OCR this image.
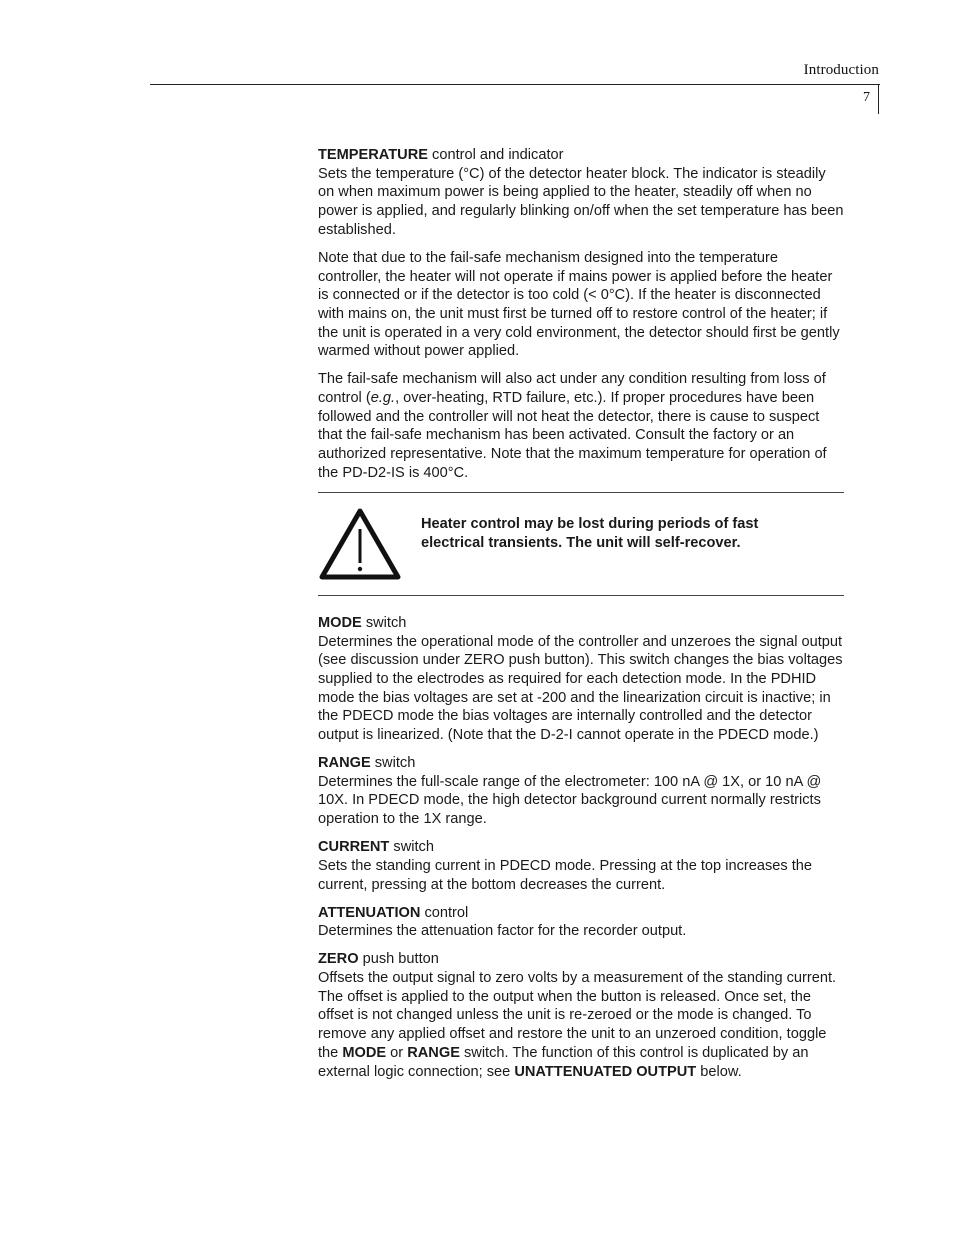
Introduction
7
TEMPERATURE control and indicator
Sets the temperature (°C) of the detector heater block. The indicator is steadily on when maximum power is being applied to the heater, steadily off when no power is applied, and regularly blinking on/off when the set temperature has been established.

Note that due to the fail-safe mechanism designed into the temperature controller, the heater will not operate if mains power is applied before the heater is connected or if the detector is too cold (< 0°C). If the heater is disconnected with mains on, the unit must first be turned off to restore control of the heater; if the unit is operated in a very cold environment, the detector should first be gently warmed without power applied.

The fail-safe mechanism will also act under any condition resulting from loss of control (e.g., over-heating, RTD failure, etc.). If proper procedures have been followed and the controller will not heat the detector, there is cause to suspect that the fail-safe mechanism has been activated. Consult the factory or an authorized representative. Note that the maximum temperature for operation of the PD-D2-IS is 400°C.

Heater control may be lost during periods of fast electrical transients. The unit will self-recover.
MODE switch
Determines the operational mode of the controller and unzeroes the signal output (see discussion under ZERO push button). This switch changes the bias voltages supplied to the electrodes as required for each detection mode. In the PDHID mode the bias voltages are set at -200 and the linearization circuit is inactive; in the PDECD mode the bias voltages are internally controlled and the detector output is linearized. (Note that the D-2-I cannot operate in the PDECD mode.)
RANGE switch
Determines the full-scale range of the electrometer: 100 nA @ 1X, or 10 nA @ 10X. In PDECD mode, the high detector background current normally restricts operation to the 1X range.
CURRENT switch
Sets the standing current in PDECD mode. Pressing at the top increases the current, pressing at the bottom decreases the current.
ATTENUATION control
Determines the attenuation factor for the recorder output.
ZERO push button
Offsets the output signal to zero volts by a measurement of the standing current. The offset is applied to the output when the button is released. Once set, the offset is not changed unless the unit is re-zeroed or the mode is changed. To remove any applied offset and restore the unit to an unzeroed condition, toggle the MODE or RANGE switch. The function of this control is duplicated by an external logic connection; see UNATTENUATED OUTPUT below.
